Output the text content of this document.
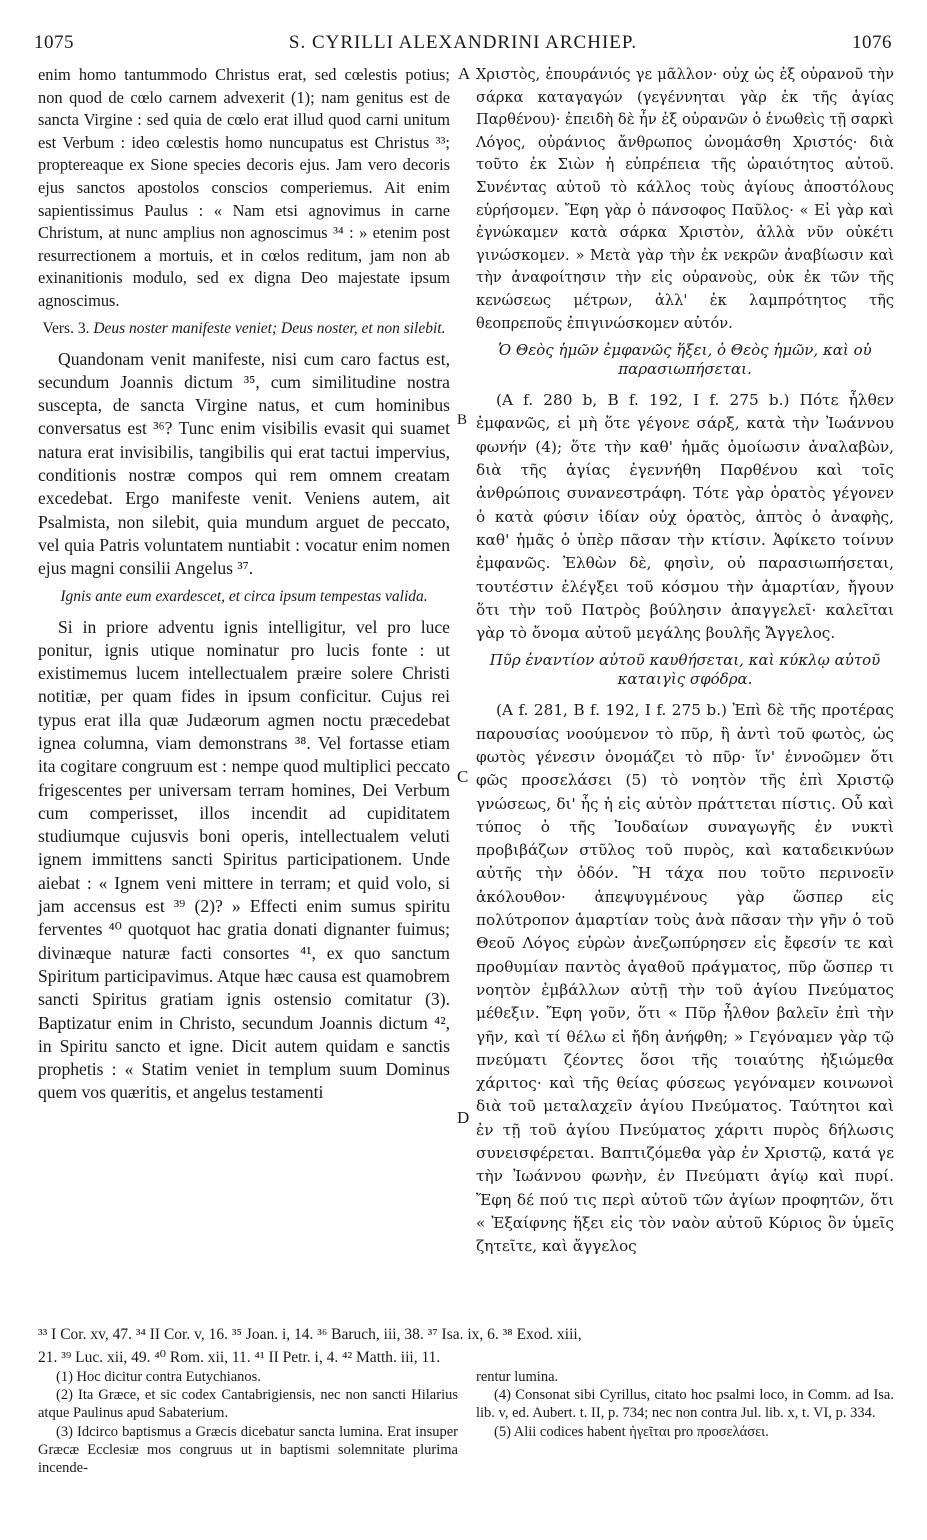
1075	S. CYRILLI ALEXANDRINI ARCHIEP.	1076
A
B
C
D

enim homo tantummodo Christus erat, sed cœlestis potius; non quod de cœlo carnem advexerit (1); nam genitus est de sancta Virgine : sed quia de cœlo erat illud quod carni unitum est Verbum : ideo cœlestis homo nuncupatus est Christus ³³; proptereaque ex Sione species decoris ejus. Jam vero decoris ejus sanctos apostolos conscios comperiemus. Ait enim sapientissimus Paulus : « Nam etsi agnovimus in carne Christum, at nunc amplius non agnoscimus ³⁴ : » etenim post resurrectionem a mortuis, et in cœlos reditum, jam non ab exinanitionis modulo, sed ex digna Deo majestate ipsum agnoscimus.

Vers. 3. Deus noster manifeste veniet; Deus noster, et non silebit.

Quandonam venit manifeste, nisi cum caro factus est, secundum Joannis dictum ³⁵, cum similitudine nostra suscepta, de sancta Virgine natus, et cum hominibus conversatus est ³⁶? Tunc enim visibilis evasit qui suamet natura erat invisibilis, tangibilis qui erat tactui impervius, conditionis nostræ compos qui rem omnem creatam excedebat. Ergo manifeste venit. Veniens autem, ait Psalmista, non silebit, quia mundum arguet de peccato, vel quia Patris voluntatem nuntiabit : vocatur enim nomen ejus magni consilii Angelus ³⁷.

Ignis ante eum exardescet, et circa ipsum tempestas valida.

Si in priore adventu ignis intelligitur, vel pro luce ponitur, ignis utique nominatur pro lucis fonte : ut existimemus lucem intellectualem præire solere Christi notitiæ, per quam fides in ipsum conficitur. Cujus rei typus erat illa quæ Judæorum agmen noctu præcedebat ignea columna, viam demonstrans ³⁸. Vel fortasse etiam ita cogitare congruum est : nempe quod multiplici peccato frigescentes per universam terram homines, Dei Verbum cum comperisset, illos incendit ad cupiditatem studiumque cujusvis boni operis, intellectualem veluti ignem immittens sancti Spiritus participationem. Unde aiebat : « Ignem veni mittere in terram; et quid volo, si jam accensus est ³⁹ (2)? » Effecti enim sumus spiritu ferventes ⁴⁰ quotquot hac gratia donati dignanter fuimus; divinæque naturæ facti consortes ⁴¹, ex quo sanctum Spiritum participavimus. Atque hæc causa est quamobrem sancti Spiritus gratiam ignis ostensio comitatur (3). Baptizatur enim in Christo, secundum Joannis dictum ⁴², in Spiritu sancto et igne. Dicit autem quidam e sanctis prophetis : « Statim veniet in templum suum Dominus quem vos quæritis, et angelus testamenti

Χριστὸς, ἐπουράνιός γε μᾶλλον· οὐχ ὡς ἐξ οὐρανοῦ τὴν σάρκα καταγαγών (γεγέννηται γὰρ ἐκ τῆς ἁγίας Παρθένου)· ἐπειδὴ δὲ ἦν ἐξ οὐρανῶν ὁ ἑνωθεὶς τῇ σαρκὶ Λόγος, οὐράνιος ἄνθρωπος ὠνομάσθη Χριστός· διὰ τοῦτο ἐκ Σιὼν ἡ εὐπρέπεια τῆς ὡραιότητος αὐτοῦ. Συνέντας αὐτοῦ τὸ κάλλος τοὺς ἁγίους ἀποστόλους εὑρήσομεν. Ἔφη γὰρ ὁ πάνσοφος Παῦλος· « Εἰ γὰρ καὶ ἐγνώκαμεν κατὰ σάρκα Χριστὸν, ἀλλὰ νῦν οὐκέτι γινώσκομεν. » Μετὰ γὰρ τὴν ἐκ νεκρῶν ἀναβίωσιν καὶ τὴν ἀναφοίτησιν τὴν εἰς οὐρανοὺς, οὐκ ἐκ τῶν τῆς κενώσεως μέτρων, ἀλλ' ἐκ λαμπρότητος τῆς θεοπρεποῦς ἐπιγινώσκομεν αὐτόν.

Ὁ Θεὸς ἡμῶν ἐμφανῶς ἥξει, ὁ Θεὸς ἡμῶν, καὶ οὐ παρασιωπήσεται.

(A f. 280 b, B f. 192, I f. 275 b.) Πότε ἦλθεν ἐμφανῶς, εἰ μὴ ὅτε γέγονε σάρξ, κατὰ τὴν Ἰωάννου φωνήν (4); ὅτε τὴν καθ' ἡμᾶς ὁμοίωσιν ἀναλαβὼν, διὰ τῆς ἁγίας ἐγεννήθη Παρθένου καὶ τοῖς ἀνθρώποις συνανεστράφη. Τότε γὰρ ὁρατὸς γέγονεν ὁ κατὰ φύσιν ἰδίαν οὐχ ὁρατὸς, ἁπτὸς ὁ ἀναφὴς, καθ' ἡμᾶς ὁ ὑπὲρ πᾶσαν τὴν κτίσιν. Ἀφίκετο τοίνυν ἐμφανῶς. Ἐλθὼν δὲ, φησὶν, οὐ παρασιωπήσεται, τουτέστιν ἐλέγξει τοῦ κόσμου τὴν ἁμαρτίαν, ἤγουν ὅτι τὴν τοῦ Πατρὸς βούλησιν ἀπαγγελεῖ· καλεῖται γὰρ τὸ ὄνομα αὐτοῦ μεγάλης βουλῆς Ἄγγελος.

Πῦρ ἐναντίον αὐτοῦ καυθήσεται, καὶ κύκλῳ αὐτοῦ καταιγὶς σφόδρα.

(A f. 281, B f. 192, I f. 275 b.) Ἐπὶ δὲ τῆς προτέρας παρουσίας νοούμενον τὸ πῦρ, ἢ ἀντὶ τοῦ φωτὸς, ὡς φωτὸς γένεσιν ὀνομάζει τὸ πῦρ· ἵν' ἐννοῶμεν ὅτι φῶς προσελάσει (5) τὸ νοητὸν τῆς ἐπὶ Χριστῷ γνώσεως, δι' ἧς ἡ εἰς αὐτὸν πράττεται πίστις. Οὗ καὶ τύπος ὁ τῆς Ἰουδαίων συναγωγῆς ἐν νυκτὶ προβιβάζων στῦλος τοῦ πυρὸς, καὶ καταδεικνύων αὐτῆς τὴν ὁδόν. Ἢ τάχα που τοῦτο περινοεῖν ἀκόλουθον· ἀπεψυγμένους γὰρ ὥσπερ εἰς πολύτροπον ἁμαρτίαν τοὺς ἀνὰ πᾶσαν τὴν γῆν ὁ τοῦ Θεοῦ Λόγος εὑρὼν ἀνεζωπύρησεν εἰς ἔφεσίν τε καὶ προθυμίαν παντὸς ἀγαθοῦ πράγματος, πῦρ ὥσπερ τι νοητὸν ἐμβάλλων αὐτῇ τὴν τοῦ ἁγίου Πνεύματος μέθεξιν. Ἔφη γοῦν, ὅτι « Πῦρ ἦλθον βαλεῖν ἐπὶ τὴν γῆν, καὶ τί θέλω εἰ ἤδη ἀνήφθη; » Γεγόναμεν γὰρ τῷ πνεύματι ζέοντες ὅσοι τῆς τοιαύτης ἠξιώμεθα χάριτος· καὶ τῆς θείας φύσεως γεγόναμεν κοινωνοὶ διὰ τοῦ μεταλαχεῖν ἁγίου Πνεύματος. Ταύτητοι καὶ ἐν τῇ τοῦ ἁγίου Πνεύματος χάριτι πυρὸς δήλωσις συνεισφέρεται. Βαπτιζόμεθα γὰρ ἐν Χριστῷ, κατά γε τὴν Ἰωάννου φωνὴν, ἐν Πνεύματι ἁγίῳ καὶ πυρί. Ἔφη δέ πού τις περὶ αὐτοῦ τῶν ἁγίων προφητῶν, ὅτι « Ἐξαίφνης ἥξει εἰς τὸν ναὸν αὐτοῦ Κύριος ὃν ὑμεῖς ζητεῖτε, καὶ ἄγγελος

(1) Hoc dicitur contra Eutychianos.

(2) Ita Græce, et sic codex Cantabrigiensis, nec non sancti Hilarius atque Paulinus apud Sabaterium.

(3) Idcirco baptismus a Græcis dicebatur sancta lumina. Erat insuper Græcæ Ecclesiæ mos congruus ut in baptismi solemnitate plurima incende-

rentur lumina.

(4) Consonat sibi Cyrillus, citato hoc psalmi loco, in Comm. ad Isa. lib. v, ed. Aubert. t. II, p. 734; nec non contra Jul. lib. x, t. VI, p. 334.

(5) Alii codices habent ἡγεῖται pro προσελάσει.

³³ I Cor. xv, 47. ³⁴ II Cor. v, 16. ³⁵ Joan. i, 14. ³⁶ Baruch, iii, 38. ³⁷ Isa. ix, 6. ³⁸ Exod. xiii,
21. ³⁹ Luc. xii, 49. ⁴⁰ Rom. xii, 11. ⁴¹ II Petr. i, 4. ⁴² Matth. iii, 11.
